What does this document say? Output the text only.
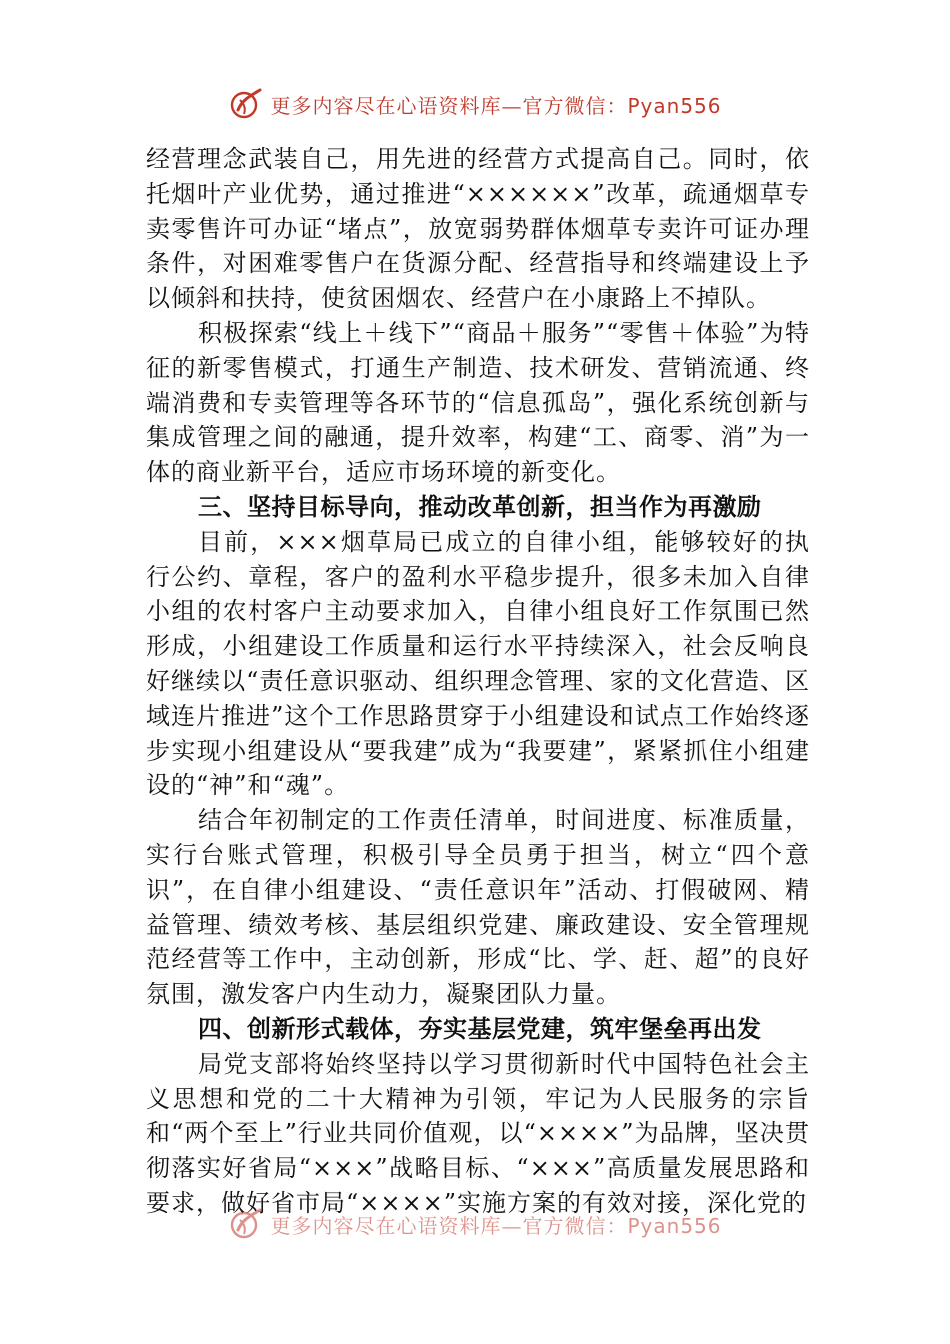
更多内容尽在心语资料库—官方微信：Pyan556

经营理念武装自己，用先进的经营方式提高自己。同时，依托烟叶产业优势，通过推进“××××××”改革，疏通烟草专卖零售许可办证“堵点”，放宽弱势群体烟草专卖许可证办理条件，对困难零售户在货源分配、经营指导和终端建设上予以倾斜和扶持，使贫困烟农、经营户在小康路上不掉队。

积极探索“线上＋线下”“商品＋服务”“零售＋体验”为特征的新零售模式，打通生产制造、技术研发、营销流通、终端消费和专卖管理等各环节的“信息孤岛”，强化系统创新与集成管理之间的融通，提升效率，构建“工、商零、消”为一体的商业新平台，适应市场环境的新变化。

三、坚持目标导向，推动改革创新，担当作为再激励

目前，×××烟草局已成立的自律小组，能够较好的执行公约、章程，客户的盈利水平稳步提升，很多未加入自律小组的农村客户主动要求加入，自律小组良好工作氛围已然形成，小组建设工作质量和运行水平持续深入，社会反响良好继续以“责任意识驱动、组织理念管理、家的文化营造、区域连片推进”这个工作思路贯穿于小组建设和试点工作始终逐步实现小组建设从“要我建”成为“我要建”，紧紧抓住小组建设的“神”和“魂”。

结合年初制定的工作责任清单，时间进度、标准质量，实行台账式管理，积极引导全员勇于担当，树立“四个意识”，在自律小组建设、“责任意识年”活动、打假破网、精益管理、绩效考核、基层组织党建、廉政建设、安全管理规范经营等工作中，主动创新，形成“比、学、赶、超”的良好氛围，激发客户内生动力，凝聚团队力量。

四、创新形式载体，夯实基层党建，筑牢堡垒再出发

局党支部将始终坚持以学习贯彻新时代中国特色社会主义思想和党的二十大精神为引领，牢记为人民服务的宗旨和“两个至上”行业共同价值观，以“××××”为品牌，坚决贯彻落实好省局“×××”战略目标、“×××”高质量发展思路和要求，做好省市局“××××”实施方案的有效对接，深化党的

更多内容尽在心语资料库—官方微信：Pyan556
